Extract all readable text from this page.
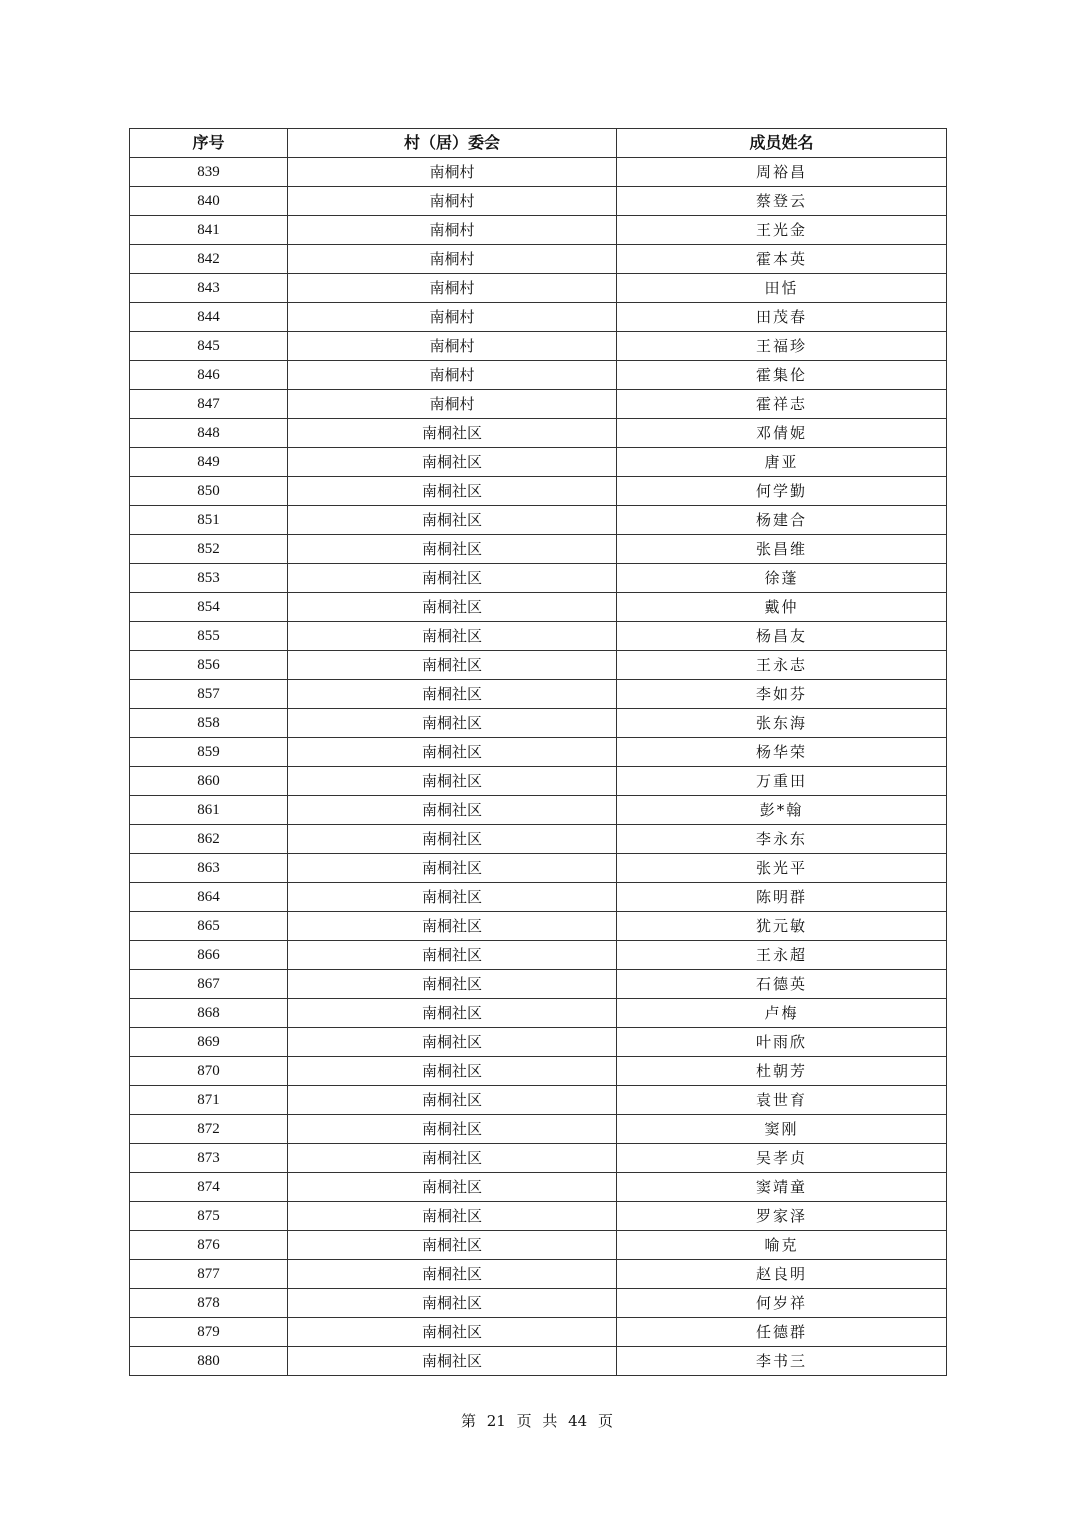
序号	村（居）委会	成员姓名
839	南桐村	周裕昌
840	南桐村	蔡登云
841	南桐村	王光金
842	南桐村	霍本英
843	南桐村	田恬
844	南桐村	田茂春
845	南桐村	王福珍
846	南桐村	霍集伦
847	南桐村	霍祥志
848	南桐社区	邓倩妮
849	南桐社区	唐亚
850	南桐社区	何学勤
851	南桐社区	杨建合
852	南桐社区	张昌维
853	南桐社区	徐蓬
854	南桐社区	戴仲
855	南桐社区	杨昌友
856	南桐社区	王永志
857	南桐社区	李如芬
858	南桐社区	张东海
859	南桐社区	杨华荣
860	南桐社区	万重田
861	南桐社区	彭*翰
862	南桐社区	李永东
863	南桐社区	张光平
864	南桐社区	陈明群
865	南桐社区	犹元敏
866	南桐社区	王永超
867	南桐社区	石德英
868	南桐社区	卢梅
869	南桐社区	叶雨欣
870	南桐社区	杜朝芳
871	南桐社区	袁世育
872	南桐社区	窦刚
873	南桐社区	吴孝贞
874	南桐社区	窦靖童
875	南桐社区	罗家泽
876	南桐社区	喻克
877	南桐社区	赵良明
878	南桐社区	何岁祥
879	南桐社区	任德群
880	南桐社区	李书三
第 21 页 共 44 页
